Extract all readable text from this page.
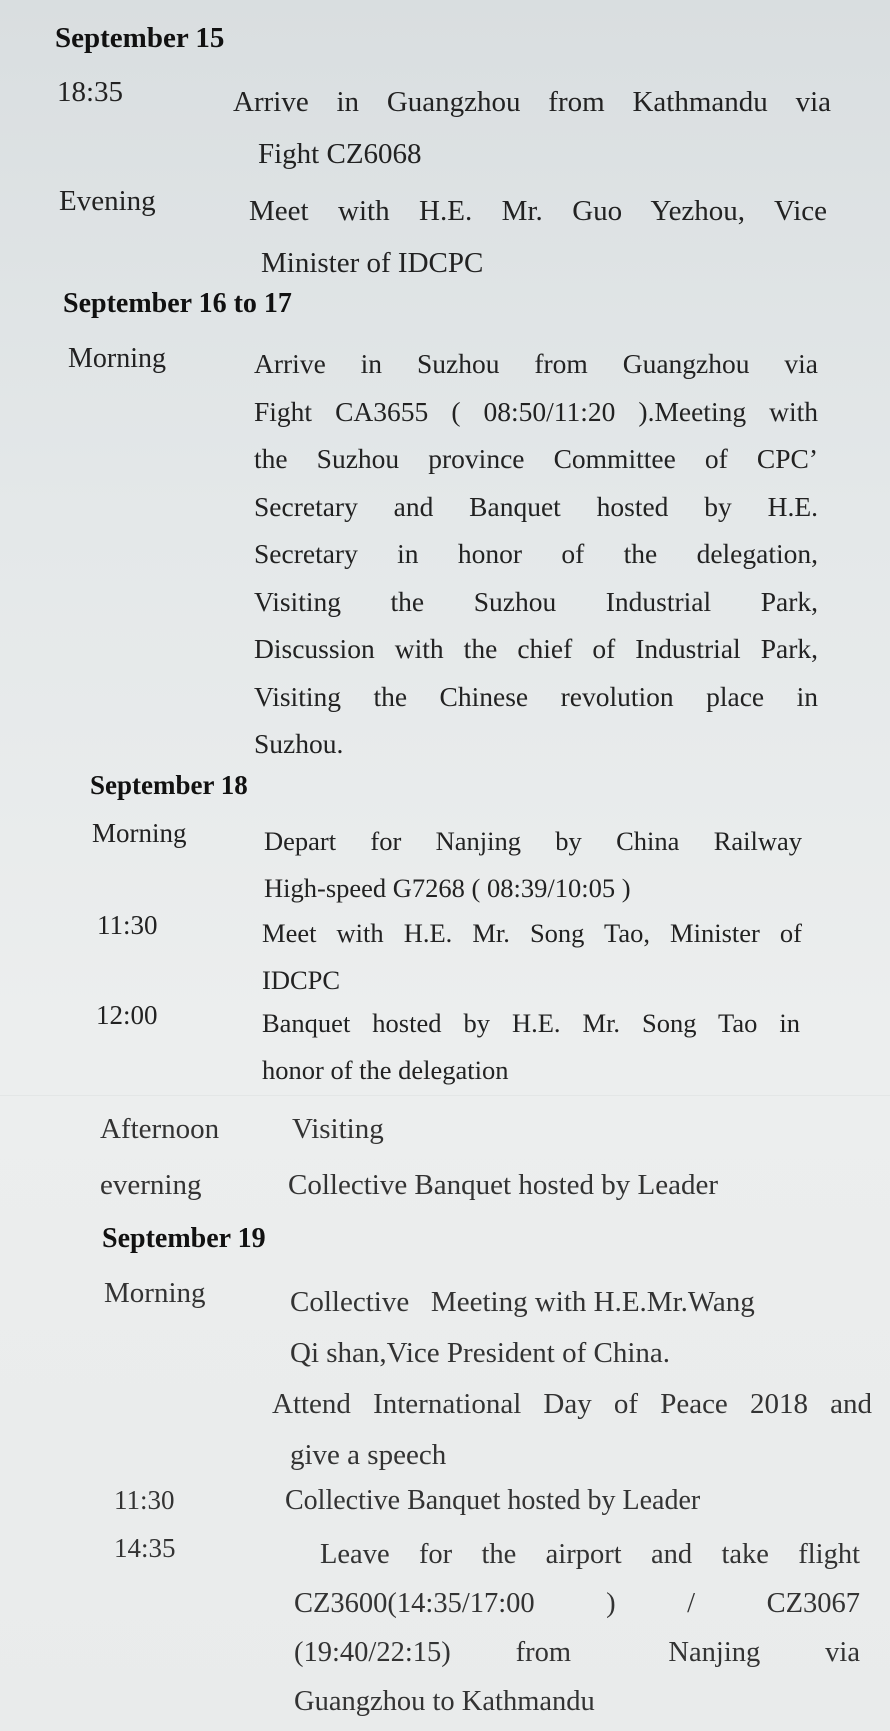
September 15
18:35	Arrive in Guangzhou from Kathmandu via
Fight CZ6068
Evening	Meet with H.E. Mr. Guo Yezhou, Vice
Minister of IDCPC
September 16 to 17
Morning	Arrive in Suzhou from Guangzhou via
Fight CA3655 ( 08:50/11:20 ).Meeting with
the Suzhou province Committee of CPC’
Secretary and Banquet hosted by H.E.
Secretary in honor of the delegation,
Visiting the Suzhou Industrial Park,
Discussion with the chief of Industrial Park,
Visiting the Chinese revolution place in
Suzhou.
September 18
Morning	Depart for Nanjing by China Railway
High-speed G7268 ( 08:39/10:05 )
11:30	Meet with H.E. Mr. Song Tao, Minister of
IDCPC
12:00	Banquet hosted by H.E. Mr. Song Tao in
honor of the delegation
Afternoon	Visiting
everning	Collective Banquet hosted by Leader
September 19
Morning	Collective   Meeting with H.E.Mr.Wang
Qi shan,Vice President of China.
Attend International Day of Peace 2018 and
give a speech
11:30	Collective Banquet hosted by Leader
14:35	Leave for the airport and take flight
CZ3600(14:35/17:00      )      /      CZ3067
(19:40/22:15)    from      Nanjing    via
Guangzhou to Kathmandu
